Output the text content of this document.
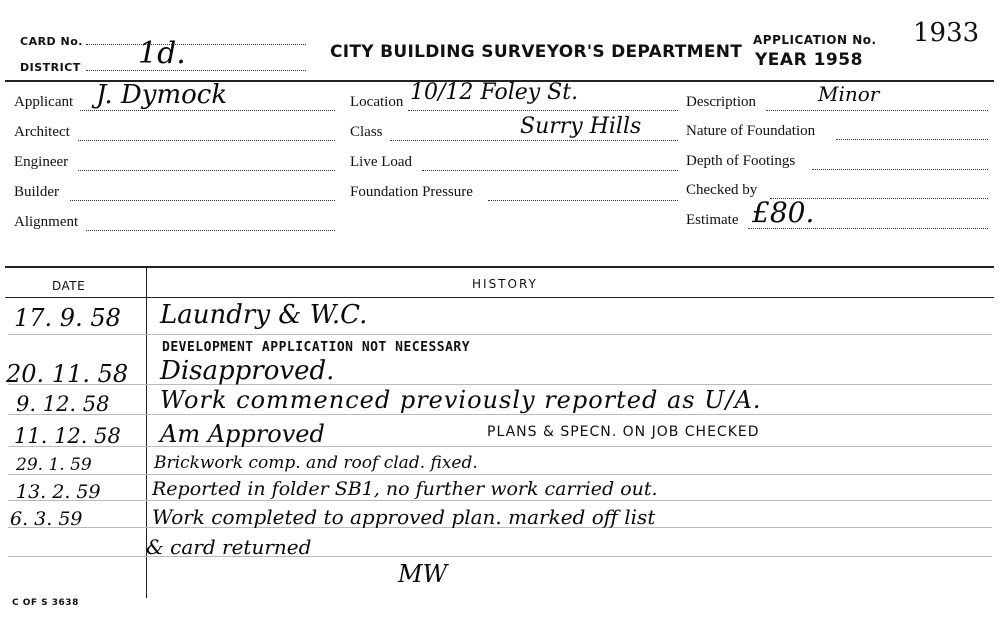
CARD No.
DISTRICT 1d.	CITY BUILDING SURVEYOR'S DEPARTMENT
APPLICATION No. 1933
YEAR 1958
Applicant J. Dymock
Architect
Engineer
Builder
Alignment
Location 10/12 Foley St.
Class	Surry Hills
Live Load
Foundation Pressure
Description	Minor
Nature of Foundation
Depth of Footings
Checked by
Estimate £80.
DATE	HISTORY
17. 9. 58 Laundry & W.C.
DEVELOPMENT APPLICATION NOT NECESSARY
20. 11. 58 Disapproved.
9. 12. 58 Work commenced previously reported as U/A.
11. 12. 58 Am Approved	PLANS & SPECN. ON JOB CHECKED
29. 1. 59	Brickwork comp. and roof clad. fixed.
13. 2. 59	Reported in folder SB1, no further work carried out.
6. 3. 59	Work completed to approved plan. marked off list
& card returned
MW
C OF S 3638
